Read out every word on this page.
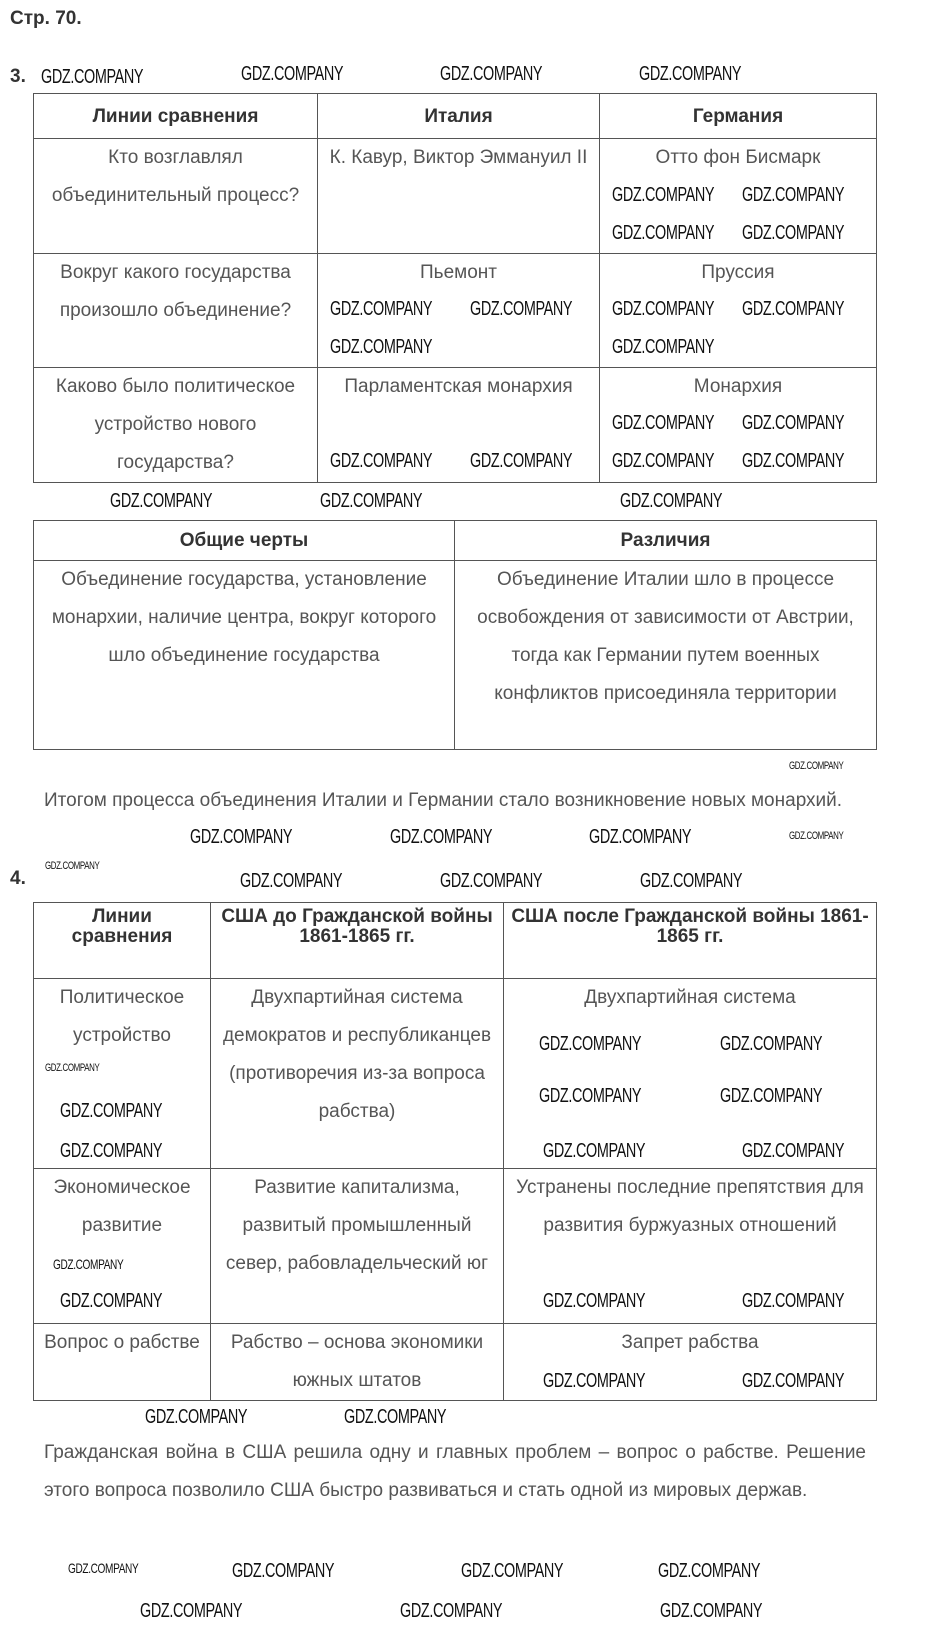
Стр. 70.
3.
Линии сравнения	Италия	Германия
Кто возглавлял объединительный процесс?	К. Кавур, Виктор Эммануил II	Отто фон Бисмарк
Вокруг какого государства произошло объединение?	Пьемонт	Пруссия
Каково было политическое устройство нового государства?	Парламентская монархия	Монархия
Общие черты	Различия
Объединение государства, установление монархии, наличие центра, вокруг которого шло объединение государства	Объединение Италии шло в процессе освобождения от зависимости от Австрии, тогда как Германии путем военных конфликтов присоединяла территории
Итогом процесса объединения Италии и Германии стало возникновение новых монархий.
4.
Линии сравнения	США до Гражданской войны 1861-1865 гг.	США после Гражданской войны 1861-1865 гг.
Политическое устройство	Двухпартийная система демократов и республиканцев (противоречия из-за вопроса рабства)	Двухпартийная система
Экономическое развитие	Развитие капитализма, развитый промышленный север, рабовладельческий юг	Устранены последние препятствия для развития буржуазных отношений
Вопрос о рабстве	Рабство – основа экономики южных штатов	Запрет рабства
Гражданская война в США решила одну и главных проблем – вопрос о рабстве. Решение этого вопроса позволило США быстро развиваться и стать одной из мировых держав.
GDZ.COMPANY	GDZ.COMPANY	GDZ.COMPANY	GDZ.COMPANY
GDZ.COMPANY GDZ.COMPANY
GDZ.COMPANY GDZ.COMPANY
GDZ.COMPANY GDZ.COMPANY GDZ.COMPANY GDZ.COMPANY
GDZ.COMPANY	GDZ.COMPANY
GDZ.COMPANY GDZ.COMPANY
GDZ.COMPANY GDZ.COMPANY GDZ.COMPANY GDZ.COMPANY
GDZ.COMPANY	GDZ.COMPANY	GDZ.COMPANY
GDZ.COMPANY
GDZ.COMPANY	GDZ.COMPANY	GDZ.COMPANY	GDZ.COMPANY
GDZ.COMPANY
GDZ.COMPANY	GDZ.COMPANY	GDZ.COMPANY
GDZ.COMPANY
GDZ.COMPANY
GDZ.COMPANY
GDZ.COMPANY	GDZ.COMPANY
GDZ.COMPANY	GDZ.COMPANY
GDZ.COMPANY	GDZ.COMPANY
GDZ.COMPANY
GDZ.COMPANY	GDZ.COMPANY	GDZ.COMPANY
GDZ.COMPANY	GDZ.COMPANY
GDZ.COMPANY	GDZ.COMPANY
GDZ.COMPANY	GDZ.COMPANY	GDZ.COMPANY	GDZ.COMPANY
GDZ.COMPANY	GDZ.COMPANY	GDZ.COMPANY
